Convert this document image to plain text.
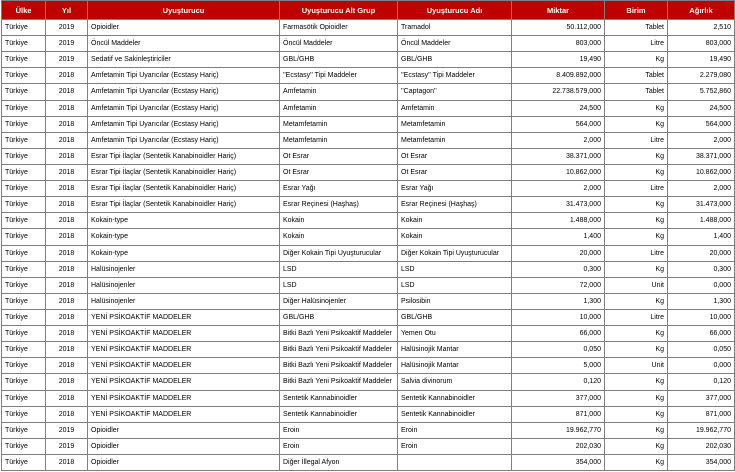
Ülke	Yıl	Uyuşturucu	Uyuşturucu Alt Grup	Uyuşturucu Adı	Miktar	Birim	Ağırlık
Türkiye	2019	Opioidler	Farmasötik Opioidler	Tramadol	50.112,000	Tablet	2,510
Türkiye	2019	Öncül Maddeler	Öncül Maddeler	Öncül Maddeler	803,000	Litre	803,000
Türkiye	2019	Sedatif ve Sakinleştiriciler	GBL/GHB	GBL/GHB	19,490	Kg	19,490
Türkiye	2018	Amfetamin Tipi Uyarıcılar (Ecstasy Hariç)	''Ecstasy'' Tipi Maddeler	''Ecstasy'' Tipi Maddeler	8.409.892,000	Tablet	2.279,080
Türkiye	2018	Amfetamin Tipi Uyarıcılar (Ecstasy Hariç)	Amfetamin	''Captagon''	22.738.579,000	Tablet	5.752,860
Türkiye	2018	Amfetamin Tipi Uyarıcılar (Ecstasy Hariç)	Amfetamin	Amfetamin	24,500	Kg	24,500
Türkiye	2018	Amfetamin Tipi Uyarıcılar (Ecstasy Hariç)	Metamfetamin	Metamfetamin	564,000	Kg	564,000
Türkiye	2018	Amfetamin Tipi Uyarıcılar (Ecstasy Hariç)	Metamfetamin	Metamfetamin	2,000	Litre	2,000
Türkiye	2018	Esrar Tipi İlaçlar (Sentetik Kanabinoidler Hariç)	Ot Esrar	Ot Esrar	38.371,000	Kg	38.371,000
Türkiye	2018	Esrar Tipi İlaçlar (Sentetik Kanabinoidler Hariç)	Ot Esrar	Ot Esrar	10.862,000	Kg	10.862,000
Türkiye	2018	Esrar Tipi İlaçlar (Sentetik Kanabinoidler Hariç)	Esrar Yağı	Esrar Yağı	2,000	Litre	2,000
Türkiye	2018	Esrar Tipi İlaçlar (Sentetik Kanabinoidler Hariç)	Esrar Reçinesi (Haşhaş)	Esrar Reçinesi (Haşhaş)	31.473,000	Kg	31.473,000
Türkiye	2018	Kokain-type	Kokain	Kokain	1.488,000	Kg	1.488,000
Türkiye	2018	Kokain-type	Kokain	Kokain	1,400	Kg	1,400
Türkiye	2018	Kokain-type	Diğer Kokain Tipi Uyuşturucular	Diğer Kokain Tipi Uyuşturucular	20,000	Litre	20,000
Türkiye	2018	Halüsinojenler	LSD	LSD	0,300	Kg	0,300
Türkiye	2018	Halüsinojenler	LSD	LSD	72,000	Unit	0,000
Türkiye	2018	Halüsinojenler	Diğer Halüsinojenler	Psilosibin	1,300	Kg	1,300
Türkiye	2018	YENİ PSİKOAKTİF MADDELER	GBL/GHB	GBL/GHB	10,000	Litre	10,000
Türkiye	2018	YENİ PSİKOAKTİF MADDELER	Bitki Bazlı Yeni Psikoaktif Maddeler	Yemen Otu	66,000	Kg	66,000
Türkiye	2018	YENİ PSİKOAKTİF MADDELER	Bitki Bazlı Yeni Psikoaktif Maddeler	Halüsinojik Mantar	0,050	Kg	0,050
Türkiye	2018	YENİ PSİKOAKTİF MADDELER	Bitki Bazlı Yeni Psikoaktif Maddeler	Halüsinojik Mantar	5,000	Unit	0,000
Türkiye	2018	YENİ PSİKOAKTİF MADDELER	Bitki Bazlı Yeni Psikoaktif Maddeler	Salvia divinorum	0,120	Kg	0,120
Türkiye	2018	YENİ PSİKOAKTİF MADDELER	Sentetik Kannabinoidler	Sentetik Kannabinoidler	377,000	Kg	377,000
Türkiye	2018	YENİ PSİKOAKTİF MADDELER	Sentetik Kannabinoidler	Sentetik Kannabinoidler	871,000	Kg	871,000
Türkiye	2019	Opioidler	Eroin	Eroin	19.962,770	Kg	19.962,770
Türkiye	2019	Opioidler	Eroin	Eroin	202,030	Kg	202,030
Türkiye	2018	Opioidler	Diğer İllegal Afyon		354,000	Kg	354,000
